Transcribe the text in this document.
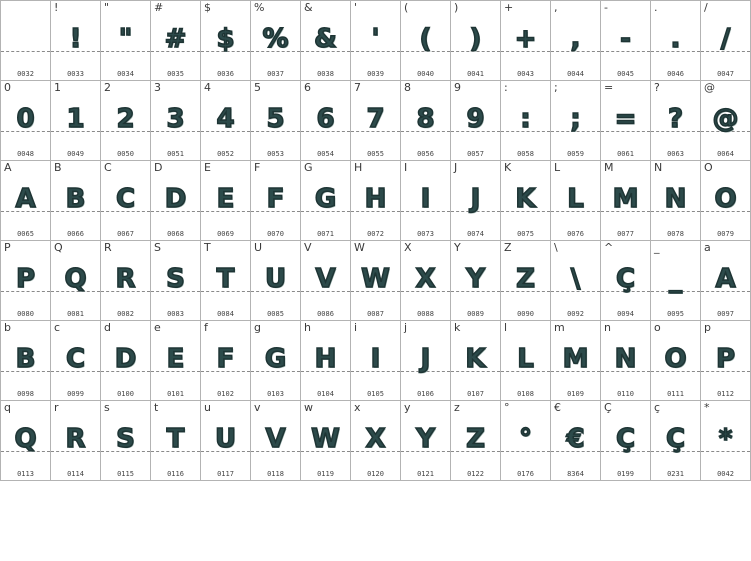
0032
!
!
0033
"
"
0034
#
#
0035
$
$
0036
%
%
0037
&
&
0038
'
'
0039
(
(
0040
)
)
0041
+
+
0043
,
,
0044
-
-
0045
.
.
0046
/
/
0047
0
0
0048
1
1
0049
2
2
0050
3
3
0051
4
4
0052
5
5
0053
6
6
0054
7
7
0055
8
8
0056
9
9
0057
:
:
0058
;
;
0059
=
=
0061
?
?
0063
@
@
0064
A
A
0065
B
B
0066
C
C
0067
D
D
0068
E
E
0069
F
F
0070
G
G
0071
H
H
0072
I
I
0073
J
J
0074
K
K
0075
L
L
0076
M
M
0077
N
N
0078
O
O
0079
P
P
0080
Q
Q
0081
R
R
0082
S
S
0083
T
T
0084
U
U
0085
V
V
0086
W
W
0087
X
X
0088
Y
Y
0089
Z
Z
0090
\
\
0092
^
Ç
0094
_
_
0095
a
A
0097
b
B
0098
c
C
0099
d
D
0100
e
E
0101
f
F
0102
g
G
0103
h
H
0104
i
I
0105
j
J
0106
k
K
0107
l
L
0108
m
M
0109
n
N
0110
o
O
0111
p
P
0112
q
Q
0113
r
R
0114
s
S
0115
t
T
0116
u
U
0117
v
V
0118
w
W
0119
x
X
0120
y
Y
0121
z
Z
0122
°
°
0176
€
€
8364
Ç
Ç
0199
ç
Ç
0231
*
*
0042
